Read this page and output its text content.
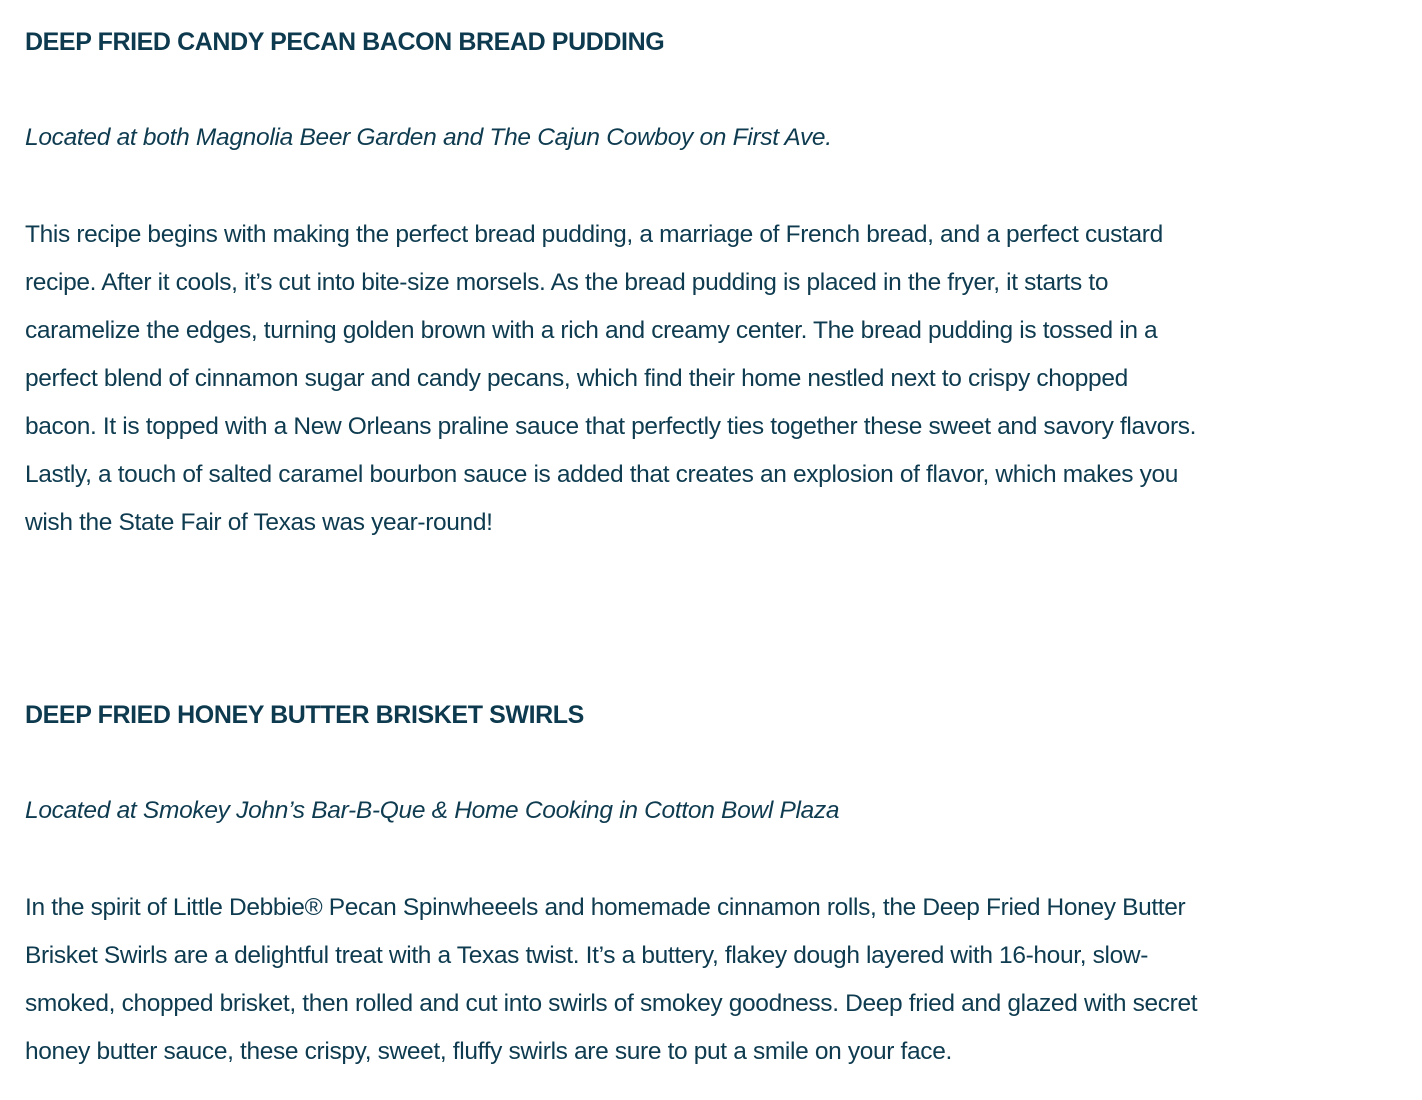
DEEP FRIED CANDY PECAN BACON BREAD PUDDING

Located at both Magnolia Beer Garden and The Cajun Cowboy on First Ave.

This recipe begins with making the perfect bread pudding, a marriage of French bread, and a perfect custard
recipe. After it cools, it’s cut into bite-size morsels. As the bread pudding is placed in the fryer, it starts to
caramelize the edges, turning golden brown with a rich and creamy center. The bread pudding is tossed in a
perfect blend of cinnamon sugar and candy pecans, which find their home nestled next to crispy chopped
bacon. It is topped with a New Orleans praline sauce that perfectly ties together these sweet and savory flavors.
Lastly, a touch of salted caramel bourbon sauce is added that creates an explosion of flavor, which makes you
wish the State Fair of Texas was year-round!

DEEP FRIED HONEY BUTTER BRISKET SWIRLS

Located at Smokey John’s Bar-B-Que & Home Cooking in Cotton Bowl Plaza

In the spirit of Little Debbie® Pecan Spinwheeels and homemade cinnamon rolls, the Deep Fried Honey Butter
Brisket Swirls are a delightful treat with a Texas twist. It’s a buttery, flakey dough layered with 16-hour, slow-
smoked, chopped brisket, then rolled and cut into swirls of smokey goodness. Deep fried and glazed with secret
honey butter sauce, these crispy, sweet, fluffy swirls are sure to put a smile on your face.
